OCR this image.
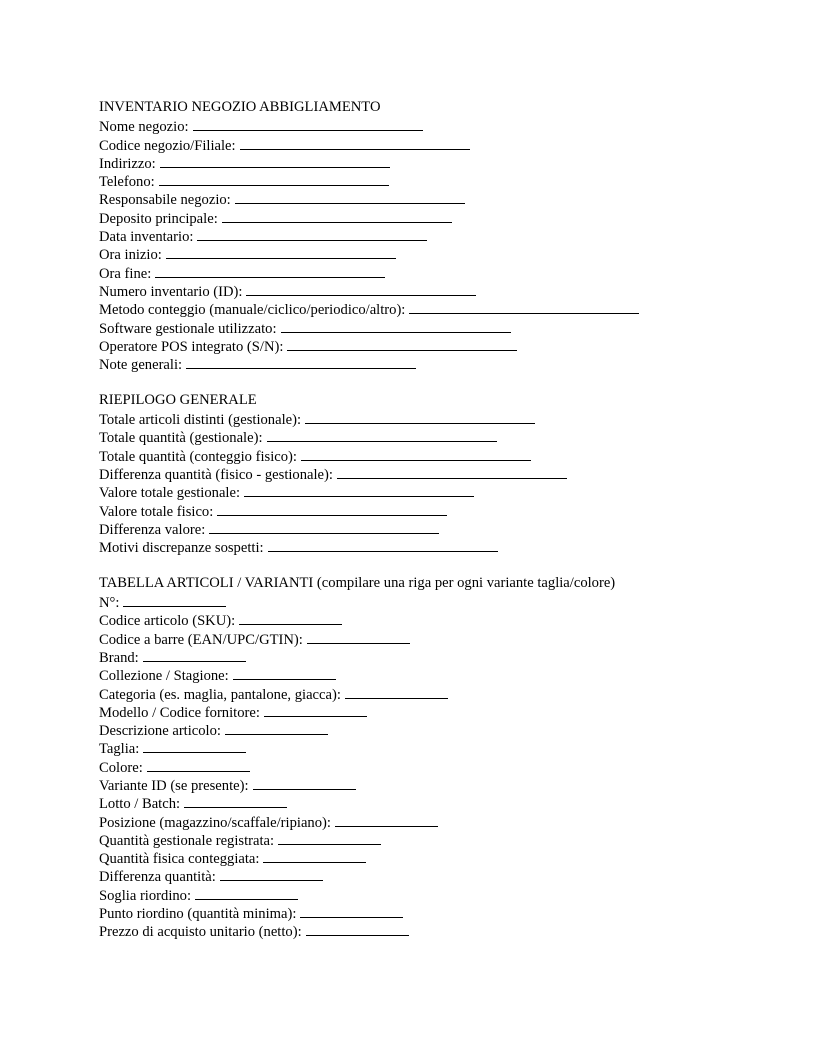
INVENTARIO NEGOZIO ABBIGLIAMENTO
Nome negozio:
Codice negozio/Filiale:
Indirizzo:
Telefono:
Responsabile negozio:
Deposito principale:
Data inventario:
Ora inizio:
Ora fine:
Numero inventario (ID):
Metodo conteggio (manuale/ciclico/periodico/altro):
Software gestionale utilizzato:
Operatore POS integrato (S/N):
Note generali:
RIEPILOGO GENERALE
Totale articoli distinti (gestionale):
Totale quantità (gestionale):
Totale quantità (conteggio fisico):
Differenza quantità (fisico - gestionale):
Valore totale gestionale:
Valore totale fisico:
Differenza valore:
Motivi discrepanze sospetti:
TABELLA ARTICOLI / VARIANTI (compilare una riga per ogni variante taglia/colore)
N°:
Codice articolo (SKU):
Codice a barre (EAN/UPC/GTIN):
Brand:
Collezione / Stagione:
Categoria (es. maglia, pantalone, giacca):
Modello / Codice fornitore:
Descrizione articolo:
Taglia:
Colore:
Variante ID (se presente):
Lotto / Batch:
Posizione (magazzino/scaffale/ripiano):
Quantità gestionale registrata:
Quantità fisica conteggiata:
Differenza quantità:
Soglia riordino:
Punto riordino (quantità minima):
Prezzo di acquisto unitario (netto):
